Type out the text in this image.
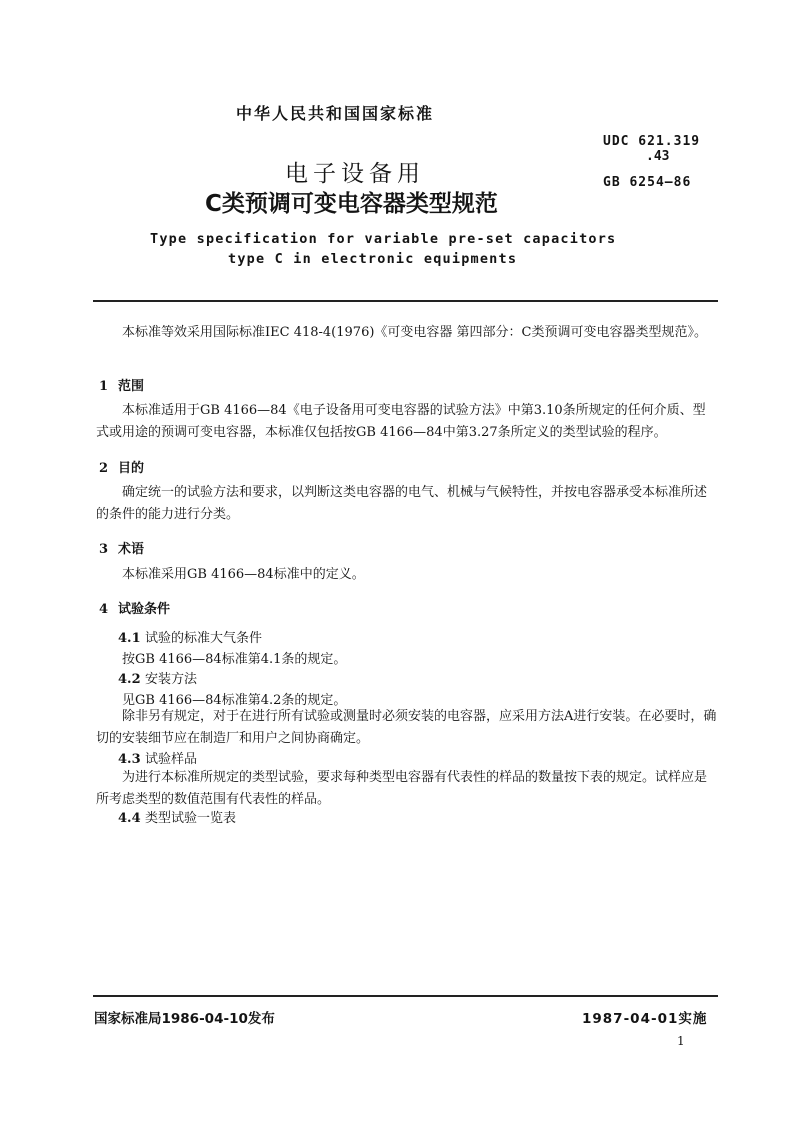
中华人民共和国国家标准
UDC 621.319
.43
GB 6254—86
电子设备用
C类预调可变电容器类型规范
Type specification for variable pre-set capacitors
type C in electronic equipments
本标准等效采用国际标准IEC 418-4(1976)《可变电容器 第四部分：C类预调可变电容器类型规范》。
1 范围
本标准适用于GB 4166—84《电子设备用可变电容器的试验方法》中第3.10条所规定的任何介质、型式或用途的预调可变电容器，本标准仅包括按GB 4166—84中第3.27条所定义的类型试验的程序。
2 目的
确定统一的试验方法和要求，以判断这类电容器的电气、机械与气候特性，并按电容器承受本标准所述的条件的能力进行分类。
3 术语
本标准采用GB 4166—84标准中的定义。
4 试验条件
4.1 试验的标准大气条件
按GB 4166—84标准第4.1条的规定。
4.2 安装方法
见GB 4166—84标准第4.2条的规定。
除非另有规定，对于在进行所有试验或测量时必须安装的电容器，应采用方法A进行安装。在必要时，确切的安装细节应在制造厂和用户之间协商确定。
4.3 试验样品
为进行本标准所规定的类型试验，要求每种类型电容器有代表性的样品的数量按下表的规定。试样应是所考虑类型的数值范围有代表性的样品。
4.4 类型试验一览表
国家标准局1986-04-10发布	1987-04-01实施
1
